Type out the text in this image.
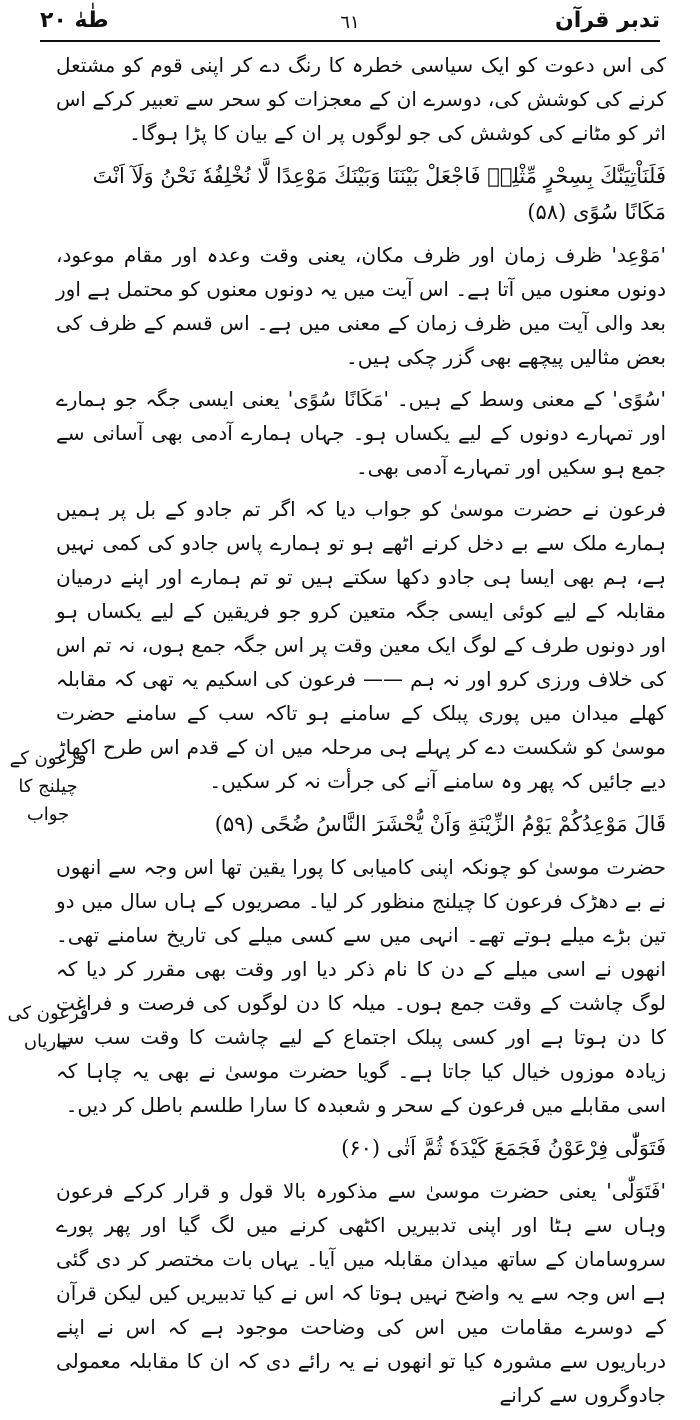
تدبر قرآن
٦١
طٰهٰ ٢٠

کی اس دعوت کو ایک سیاسی خطرہ کا رنگ دے کر اپنی قوم کو مشتعل کرنے کی کوشش کی، دوسرے ان کے معجزات کو سحر سے تعبیر کرکے اس اثر کو مٹانے کی کوشش کی جو لوگوں پر ان کے بیان کا پڑا ہوگا۔

فَلَنَاْتِيَنَّكَ بِسِحْرٍ مِّثْلِهٖ فَاجْعَلْ بَيْنَنَا وَبَيْنَكَ مَوْعِدًا لَّا نُخْلِفُهٗ نَحْنُ وَلَآ اَنْتَ مَكَانًا سُوًى (۵۸)

'مَوْعِد' ظرف زمان اور ظرف مکان، یعنی وقت وعدہ اور مقام موعود، دونوں معنوں میں آتا ہے۔ اس آیت میں یہ دونوں معنوں کو محتمل ہے اور بعد والی آیت میں ظرف زمان کے معنی میں ہے۔ اس قسم کے ظرف کی بعض مثالیں پیچھے بھی گزر چکی ہیں۔

'سُوًى' کے معنی وسط کے ہیں۔ 'مَكَانًا سُوًى' یعنی ایسی جگہ جو ہمارے اور تمہارے دونوں کے لیے یکساں ہو۔ جہاں ہمارے آدمی بھی آسانی سے جمع ہو سکیں اور تمہارے آدمی بھی۔

فرعون نے حضرت موسیٰ کو جواب دیا کہ اگر تم جادو کے بل پر ہمیں ہمارے ملک سے بے دخل کرنے اٹھے ہو تو ہمارے پاس جادو کی کمی نہیں ہے، ہم بھی ایسا ہی جادو دکھا سکتے ہیں تو تم ہمارے اور اپنے درمیان مقابلہ کے لیے کوئی ایسی جگہ متعین کرو جو فریقین کے لیے یکساں ہو اور دونوں طرف کے لوگ ایک معین وقت پر اس جگہ جمع ہوں، نہ تم اس کی خلاف ورزی کرو اور نہ ہم —— فرعون کی اسکیم یہ تھی کہ مقابلہ کھلے میدان میں پوری پبلک کے سامنے ہو تاکہ سب کے سامنے حضرت موسیٰ کو شکست دے کر پہلے ہی مرحلہ میں ان کے قدم اس طرح اکھاڑ دیے جائیں کہ پھر وہ سامنے آنے کی جرأت نہ کر سکیں۔

قَالَ مَوْعِدُكُمْ يَوْمُ الزِّيْنَةِ وَاَنْ يُّحْشَرَ النَّاسُ ضُحًى (۵۹)

حضرت موسیٰ کو چونکہ اپنی کامیابی کا پورا یقین تھا اس وجہ سے انھوں نے بے دھڑک فرعون کا چیلنج منظور کر لیا۔ مصریوں کے ہاں سال میں دو تین بڑے میلے ہوتے تھے۔ انہی میں سے کسی میلے کی تاریخ سامنے تھی۔ انھوں نے اسی میلے کے دن کا نام ذکر دیا اور وقت بھی مقرر کر دیا کہ لوگ چاشت کے وقت جمع ہوں۔ میلہ کا دن لوگوں کی فرصت و فراغت کا دن ہوتا ہے اور کسی پبلک اجتماع کے لیے چاشت کا وقت سب سے زیادہ موزوں خیال کیا جاتا ہے۔ گویا حضرت موسیٰ نے بھی یہ چاہا کہ اسی مقابلے میں فرعون کے سحر و شعبدہ کا سارا طلسم باطل کر دیں۔

فَتَوَلّٰى فِرْعَوْنُ فَجَمَعَ كَيْدَهٗ ثُمَّ اَتٰى (۶۰)

'فَتَوَلّٰى' یعنی حضرت موسیٰ سے مذکورہ بالا قول و قرار کرکے فرعون وہاں سے ہٹا اور اپنی تدبیریں اکٹھی کرنے میں لگ گیا اور پھر پورے سروسامان کے ساتھ میدان مقابلہ میں آیا۔ یہاں بات مختصر کر دی گئی ہے اس وجہ سے یہ واضح نہیں ہوتا کہ اس نے کیا تدبیریں کیں لیکن قرآن کے دوسرے مقامات میں اس کی وضاحت موجود ہے کہ اس نے اپنے درباریوں سے مشورہ کیا تو انھوں نے یہ رائے دی کہ ان کا مقابلہ معمولی جادوگروں سے کرانے

فرعون کے چیلنج کا جواب
فرعون کی تیاریاں
